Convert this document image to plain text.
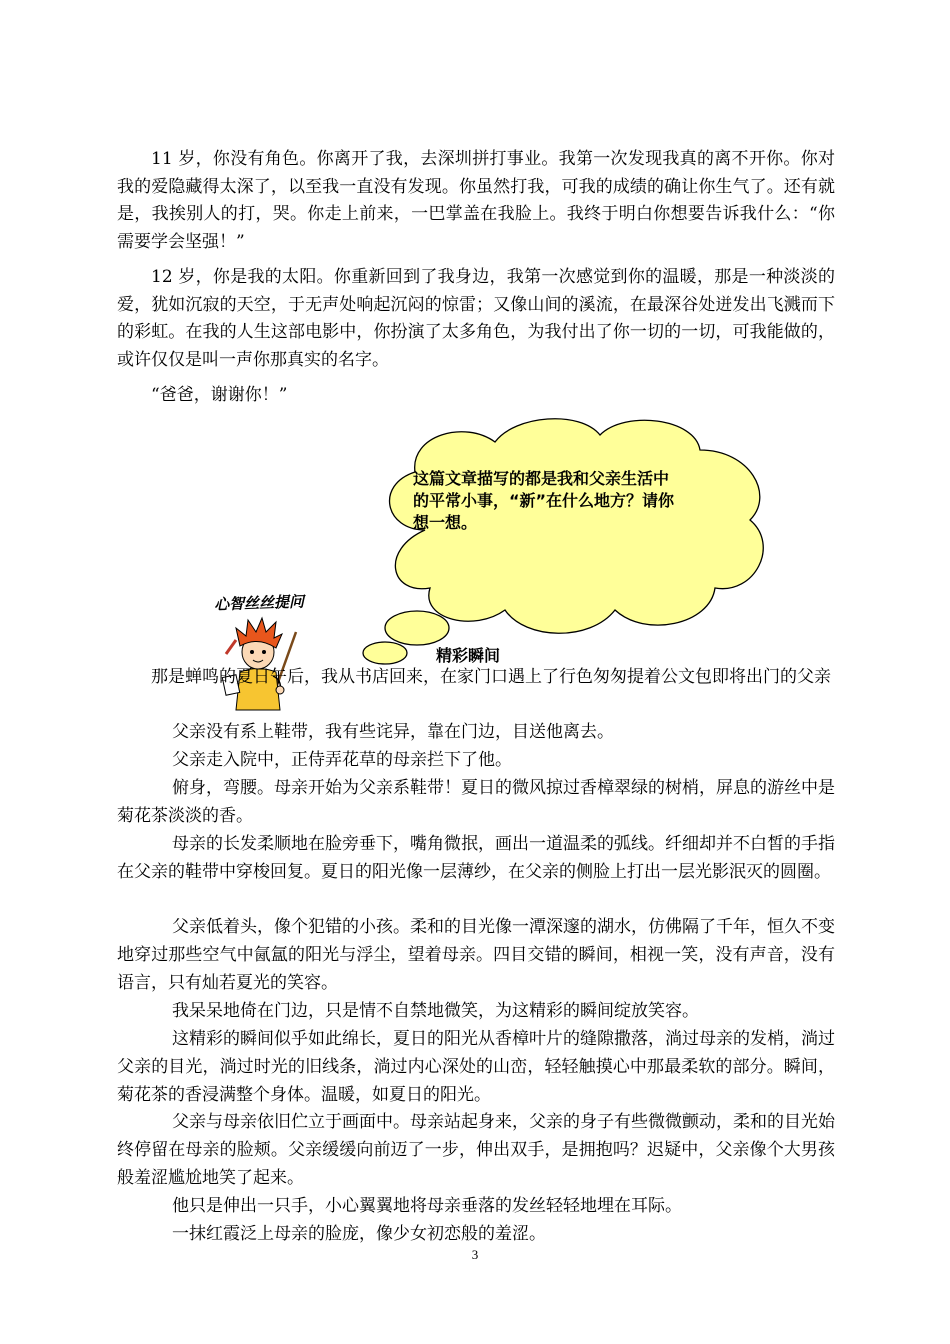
11 岁，你没有角色。你离开了我，去深圳拼打事业。我第一次发现我真的离不开你。你对我的爱隐藏得太深了，以至我一直没有发现。你虽然打我，可我的成绩的确让你生气了。还有就是，我挨别人的打，哭。你走上前来，一巴掌盖在我脸上。我终于明白你想要告诉我什么：“你需要学会坚强！”

12 岁，你是我的太阳。你重新回到了我身边，我第一次感觉到你的温暖，那是一种淡淡的爱，犹如沉寂的天空，于无声处响起沉闷的惊雷；又像山间的溪流，在最深谷处迸发出飞溅而下的彩虹。在我的人生这部电影中，你扮演了太多角色，为我付出了你一切的一切，可我能做的，或许仅仅是叫一声你那真实的名字。

“爸爸，谢谢你！”

这篇文章描写的都是我和父亲生活中的平常小事，“新”在什么地方？请你想一想。
心智丝丝提问

精彩瞬间

那是蝉鸣的夏日午后，我从书店回来，在家门口遇上了行色匆匆提着公文包即将出门的父亲

父亲没有系上鞋带，我有些诧异，靠在门边，目送他离去。

父亲走入院中，正侍弄花草的母亲拦下了他。

俯身，弯腰。母亲开始为父亲系鞋带！夏日的微风掠过香樟翠绿的树梢，屏息的游丝中是菊花茶淡淡的香。

母亲的长发柔顺地在脸旁垂下，嘴角微抿，画出一道温柔的弧线。纤细却并不白皙的手指在父亲的鞋带中穿梭回复。夏日的阳光像一层薄纱，在父亲的侧脸上打出一层光影泯灭的圆圈。

父亲低着头，像个犯错的小孩。柔和的目光像一潭深邃的湖水，仿佛隔了千年，恒久不变地穿过那些空气中氤氲的阳光与浮尘，望着母亲。四目交错的瞬间，相视一笑，没有声音，没有语言，只有灿若夏光的笑容。

我呆呆地倚在门边，只是情不自禁地微笑，为这精彩的瞬间绽放笑容。

这精彩的瞬间似乎如此绵长，夏日的阳光从香樟叶片的缝隙撒落，淌过母亲的发梢，淌过父亲的目光，淌过时光的旧线条，淌过内心深处的山峦，轻轻触摸心中那最柔软的部分。瞬间，菊花茶的香浸满整个身体。温暖，如夏日的阳光。

父亲与母亲依旧伫立于画面中。母亲站起身来，父亲的身子有些微微颤动，柔和的目光始终停留在母亲的脸颊。父亲缓缓向前迈了一步，伸出双手，是拥抱吗？迟疑中，父亲像个大男孩般羞涩尴尬地笑了起来。

他只是伸出一只手，小心翼翼地将母亲垂落的发丝轻轻地埋在耳际。

一抹红霞泛上母亲的脸庞，像少女初恋般的羞涩。

3
